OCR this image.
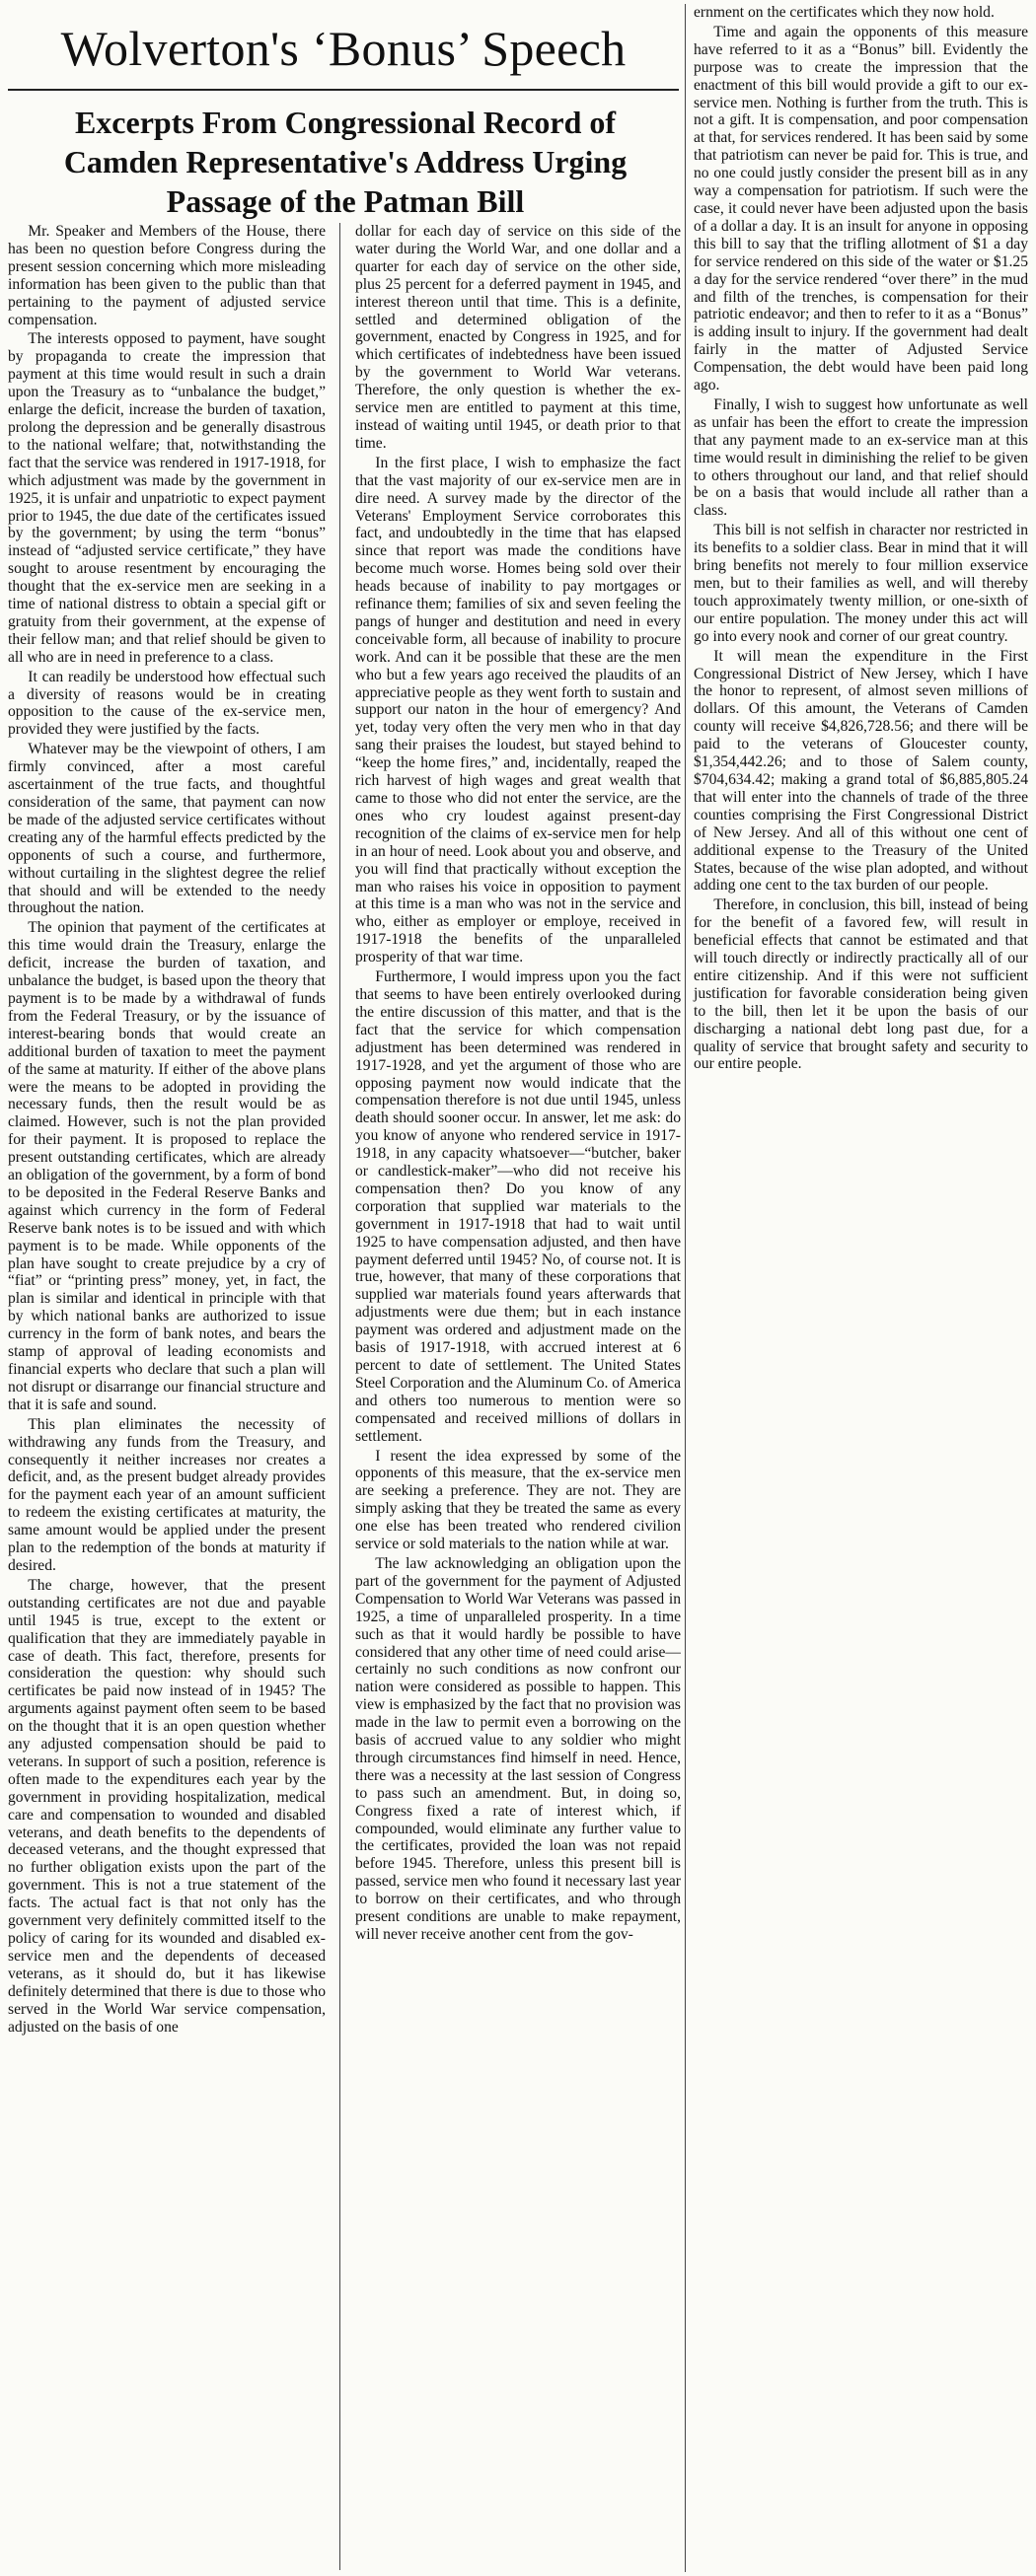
Wolverton's ‘Bonus’ Speech
Excerpts From Congressional Record of Camden Representative's Address Urging Passage of the Patman Bill

Mr. Speaker and Members of the House, there has been no question before Congress during the present session concerning which more misleading information has been given to the public than that pertaining to the payment of adjusted service compensation.

The interests opposed to payment, have sought by propaganda to create the impression that payment at this time would result in such a drain upon the Treasury as to “unbalance the budget,” enlarge the deficit, increase the burden of taxation, prolong the depression and be generally disastrous to the national welfare; that, notwithstanding the fact that the service was rendered in 1917-1918, for which adjustment was made by the government in 1925, it is unfair and unpatriotic to expect payment prior to 1945, the due date of the certificates issued by the government; by using the term “bonus” instead of “adjusted service certificate,” they have sought to arouse resentment by encouraging the thought that the ex-service men are seeking in a time of national distress to obtain a special gift or gratuity from their government, at the expense of their fellow man; and that relief should be given to all who are in need in preference to a class.

It can readily be understood how effectual such a diversity of reasons would be in creating opposition to the cause of the ex-service men, provided they were justified by the facts.

Whatever may be the viewpoint of others, I am firmly convinced, after a most careful ascertainment of the true facts, and thoughtful consideration of the same, that payment can now be made of the adjusted service certificates without creating any of the harmful effects predicted by the opponents of such a course, and furthermore, without curtailing in the slightest degree the relief that should and will be extended to the needy throughout the nation.

The opinion that payment of the certificates at this time would drain the Treasury, enlarge the deficit, increase the burden of taxation, and unbalance the budget, is based upon the theory that payment is to be made by a withdrawal of funds from the Federal Treasury, or by the issuance of interest-bearing bonds that would create an additional burden of taxation to meet the payment of the same at maturity. If either of the above plans were the means to be adopted in providing the necessary funds, then the result would be as claimed. However, such is not the plan provided for their payment. It is proposed to replace the present outstanding certificates, which are already an obligation of the government, by a form of bond to be deposited in the Federal Reserve Banks and against which currency in the form of Federal Reserve bank notes is to be issued and with which payment is to be made. While opponents of the plan have sought to create prejudice by a cry of “fiat” or “printing press” money, yet, in fact, the plan is similar and identical in principle with that by which national banks are authorized to issue currency in the form of bank notes, and bears the stamp of approval of leading economists and financial experts who declare that such a plan will not disrupt or disarrange our financial structure and that it is safe and sound.

This plan eliminates the necessity of withdrawing any funds from the Treasury, and consequently it neither increases nor creates a deficit, and, as the present budget already provides for the payment each year of an amount sufficient to redeem the existing certificates at maturity, the same amount would be applied under the present plan to the redemption of the bonds at maturity if desired.

The charge, however, that the present outstanding certificates are not due and payable until 1945 is true, except to the extent or qualification that they are immediately payable in case of death. This fact, therefore, presents for consideration the question: why should such certificates be paid now instead of in 1945? The arguments against payment often seem to be based on the thought that it is an open question whether any adjusted compensation should be paid to veterans. In support of such a position, reference is often made to the expenditures each year by the government in providing hospitalization, medical care and compensation to wounded and disabled veterans, and death benefits to the dependents of deceased veterans, and the thought expressed that no further obligation exists upon the part of the government. This is not a true statement of the facts. The actual fact is that not only has the government very definitely committed itself to the policy of caring for its wounded and disabled ex-service men and the dependents of deceased veterans, as it should do, but it has likewise definitely determined that there is due to those who served in the World War service compensation, adjusted on the basis of one

dollar for each day of service on this side of the water during the World War, and one dollar and a quarter for each day of service on the other side, plus 25 percent for a deferred payment in 1945, and interest thereon until that time. This is a definite, settled and determined obligation of the government, enacted by Congress in 1925, and for which certificates of indebtedness have been issued by the government to World War veterans. Therefore, the only question is whether the ex-service men are entitled to payment at this time, instead of waiting until 1945, or death prior to that time.

In the first place, I wish to emphasize the fact that the vast majority of our ex-service men are in dire need. A survey made by the director of the Veterans' Employment Service corroborates this fact, and undoubtedly in the time that has elapsed since that report was made the conditions have become much worse. Homes being sold over their heads because of inability to pay mortgages or refinance them; families of six and seven feeling the pangs of hunger and destitution and need in every conceivable form, all because of inability to procure work. And can it be possible that these are the men who but a few years ago received the plaudits of an appreciative people as they went forth to sustain and support our naton in the hour of emergency? And yet, today very often the very men who in that day sang their praises the loudest, but stayed behind to “keep the home fires,” and, incidentally, reaped the rich harvest of high wages and great wealth that came to those who did not enter the service, are the ones who cry loudest against present-day recognition of the claims of ex-service men for help in an hour of need. Look about you and observe, and you will find that practically without exception the man who raises his voice in opposition to payment at this time is a man who was not in the service and who, either as employer or employe, received in 1917-1918 the benefits of the unparalleled prosperity of that war time.

Furthermore, I would impress upon you the fact that seems to have been entirely overlooked during the entire discussion of this matter, and that is the fact that the service for which compensation adjustment has been determined was rendered in 1917-1928, and yet the argument of those who are opposing payment now would indicate that the compensation therefore is not due until 1945, unless death should sooner occur. In answer, let me ask: do you know of anyone who rendered service in 1917-1918, in any capacity whatsoever—“butcher, baker or candlestick-maker”—who did not receive his compensation then? Do you know of any corporation that supplied war materials to the government in 1917-1918 that had to wait until 1925 to have compensation adjusted, and then have payment deferred until 1945? No, of course not. It is true, however, that many of these corporations that supplied war materials found years afterwards that adjustments were due them; but in each instance payment was ordered and adjustment made on the basis of 1917-1918, with accrued interest at 6 percent to date of settlement. The United States Steel Corporation and the Aluminum Co. of America and others too numerous to mention were so compensated and received millions of dollars in settlement.

I resent the idea expressed by some of the opponents of this measure, that the ex-service men are seeking a preference. They are not. They are simply asking that they be treated the same as every one else has been treated who rendered civilion service or sold materials to the nation while at war.

The law acknowledging an obligation upon the part of the government for the payment of Adjusted Compensation to World War Veterans was passed in 1925, a time of unparalleled prosperity. In a time such as that it would hardly be possible to have considered that any other time of need could arise—certainly no such conditions as now confront our nation were considered as possible to happen. This view is emphasized by the fact that no provision was made in the law to permit even a borrowing on the basis of accrued value to any soldier who might through circumstances find himself in need. Hence, there was a necessity at the last session of Congress to pass such an amendment. But, in doing so, Congress fixed a rate of interest which, if compounded, would eliminate any further value to the certificates, provided the loan was not repaid before 1945. Therefore, unless this present bill is passed, service men who found it necessary last year to borrow on their certificates, and who through present conditions are unable to make repayment, will never receive another cent from the gov-

ernment on the certificates which they now hold.

Time and again the opponents of this measure have referred to it as a “Bonus” bill. Evidently the purpose was to create the impression that the enactment of this bill would provide a gift to our ex-service men. Nothing is further from the truth. This is not a gift. It is compensation, and poor compensation at that, for services rendered. It has been said by some that patriotism can never be paid for. This is true, and no one could justly consider the present bill as in any way a compensation for patriotism. If such were the case, it could never have been adjusted upon the basis of a dollar a day. It is an insult for anyone in opposing this bill to say that the trifling allotment of $1 a day for service rendered on this side of the water or $1.25 a day for the service rendered “over there” in the mud and filth of the trenches, is compensation for their patriotic endeavor; and then to refer to it as a “Bonus” is adding insult to injury. If the government had dealt fairly in the matter of Adjusted Service Compensation, the debt would have been paid long ago.

Finally, I wish to suggest how unfortunate as well as unfair has been the effort to create the impression that any payment made to an ex-service man at this time would result in diminishing the relief to be given to others throughout our land, and that relief should be on a basis that would include all rather than a class.

This bill is not selfish in character nor restricted in its benefits to a soldier class. Bear in mind that it will bring benefits not merely to four million exservice men, but to their families as well, and will thereby touch approximately twenty million, or one-sixth of our entire population. The money under this act will go into every nook and corner of our great country.

It will mean the expenditure in the First Congressional District of New Jersey, which I have the honor to represent, of almost seven millions of dollars. Of this amount, the Veterans of Camden county will receive $4,826,728.56; and there will be paid to the veterans of Gloucester county, $1,354,442.26; and to those of Salem county, $704,634.42; making a grand total of $6,885,805.24 that will enter into the channels of trade of the three counties comprising the First Congressional District of New Jersey. And all of this without one cent of additional expense to the Treasury of the United States, because of the wise plan adopted, and without adding one cent to the tax burden of our people.

Therefore, in conclusion, this bill, instead of being for the benefit of a favored few, will result in beneficial effects that cannot be estimated and that will touch directly or indirectly practically all of our entire citizenship. And if this were not sufficient justification for favorable consideration being given to the bill, then let it be upon the basis of our discharging a national debt long past due, for a quality of service that brought safety and security to our entire people.
